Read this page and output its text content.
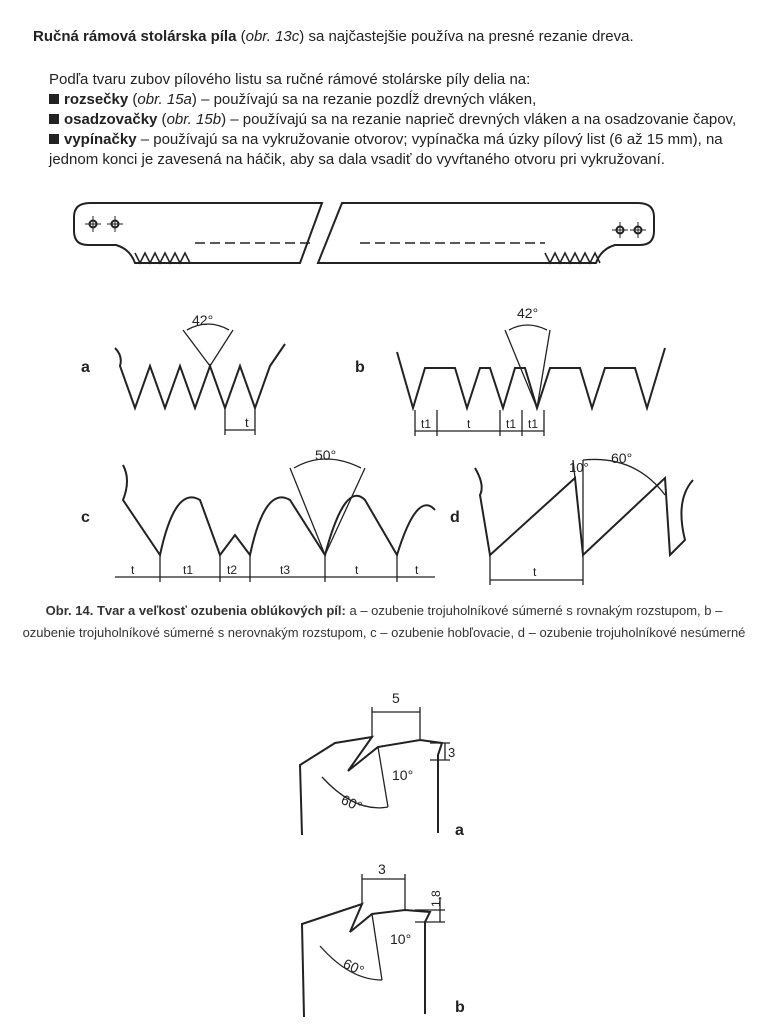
Ručná rámová stolárska píla (obr. 13c) sa najčastejšie používa na presné rezanie dreva.
Podľa tvaru zubov pílového listu sa ručné rámové stolárske píly delia na:
rozsečky (obr. 15a) – používajú sa na rezanie pozdĺž drevných vláken,
osadzovačky (obr. 15b) – používajú sa na rezanie naprieč drevných vláken a na osadzovanie čapov,
vypínačky – používajú sa na vykružovanie otvorov; vypínačka má úzky pílový list (6 až 15 mm), na jednom konci je zavesená na háčik, aby sa dala vsadiť do vyvŕtaného otvoru pri vykružovaní.
a
42°
t
b
42°
t1	t	t1 t1
c
50°
t	t1	t2	t3	t	t
d
10°
60°
t
Obr. 14. Tvar a veľkosť ozubenia oblúkových píl: a – ozubenie trojuholníkové súmerné s rovnakým rozstupom, b – ozubenie trojuholníkové súmerné s nerovnakým rozstupom, c – ozubenie hobľovacie, d – ozubenie trojuholníkové nesúmerné
5
3
10°
60°
a
3
1,8
10°
60°
b
